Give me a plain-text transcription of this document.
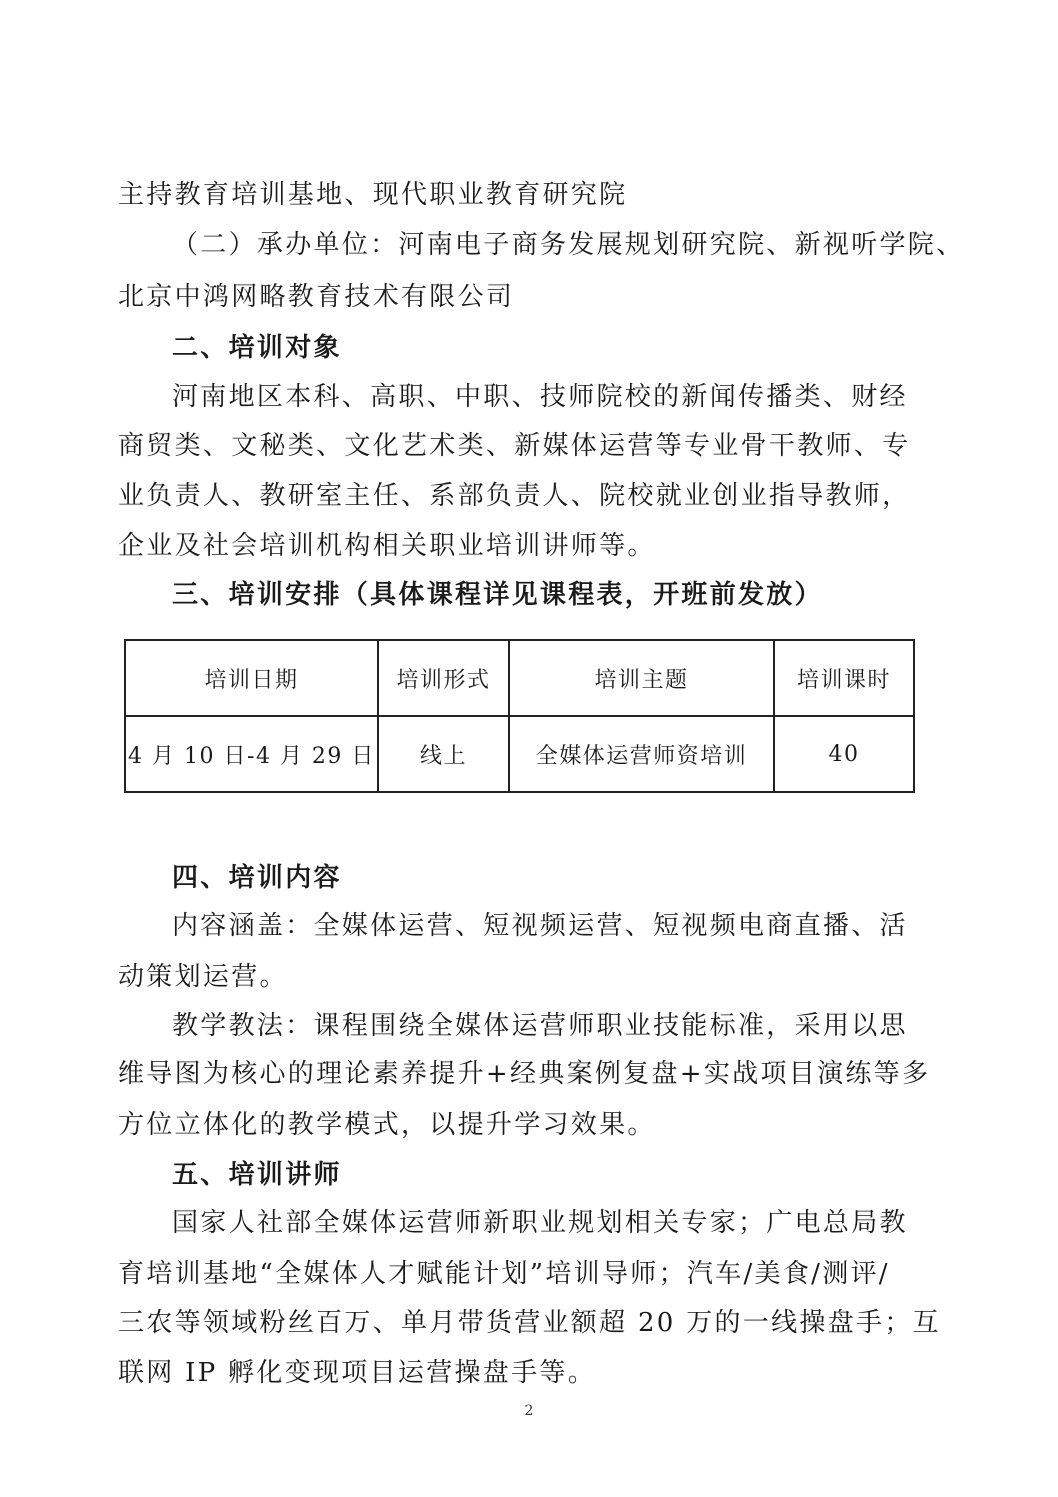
主持教育培训基地、现代职业教育研究院
（二）承办单位：河南电子商务发展规划研究院、新视听学院、
北京中鸿网略教育技术有限公司
二、培训对象
河南地区本科、高职、中职、技师院校的新闻传播类、财经
商贸类、文秘类、文化艺术类、新媒体运营等专业骨干教师、专
业负责人、教研室主任、系部负责人、院校就业创业指导教师，
企业及社会培训机构相关职业培训讲师等。
三、培训安排（具体课程详见课程表，开班前发放）
培训日期	培训形式	培训主题	培训课时
4 月 10 日-4 月 29 日	线上	全媒体运营师资培训	40
四、培训内容
内容涵盖：全媒体运营、短视频运营、短视频电商直播、活
动策划运营。
教学教法：课程围绕全媒体运营师职业技能标准，采用以思
维导图为核心的理论素养提升+经典案例复盘+实战项目演练等多
方位立体化的教学模式，以提升学习效果。
五、培训讲师
国家人社部全媒体运营师新职业规划相关专家；广电总局教
育培训基地“全媒体人才赋能计划”培训导师；汽车/美食/测评/
三农等领域粉丝百万、单月带货营业额超 20 万的一线操盘手；互
联网 IP 孵化变现项目运营操盘手等。
2
